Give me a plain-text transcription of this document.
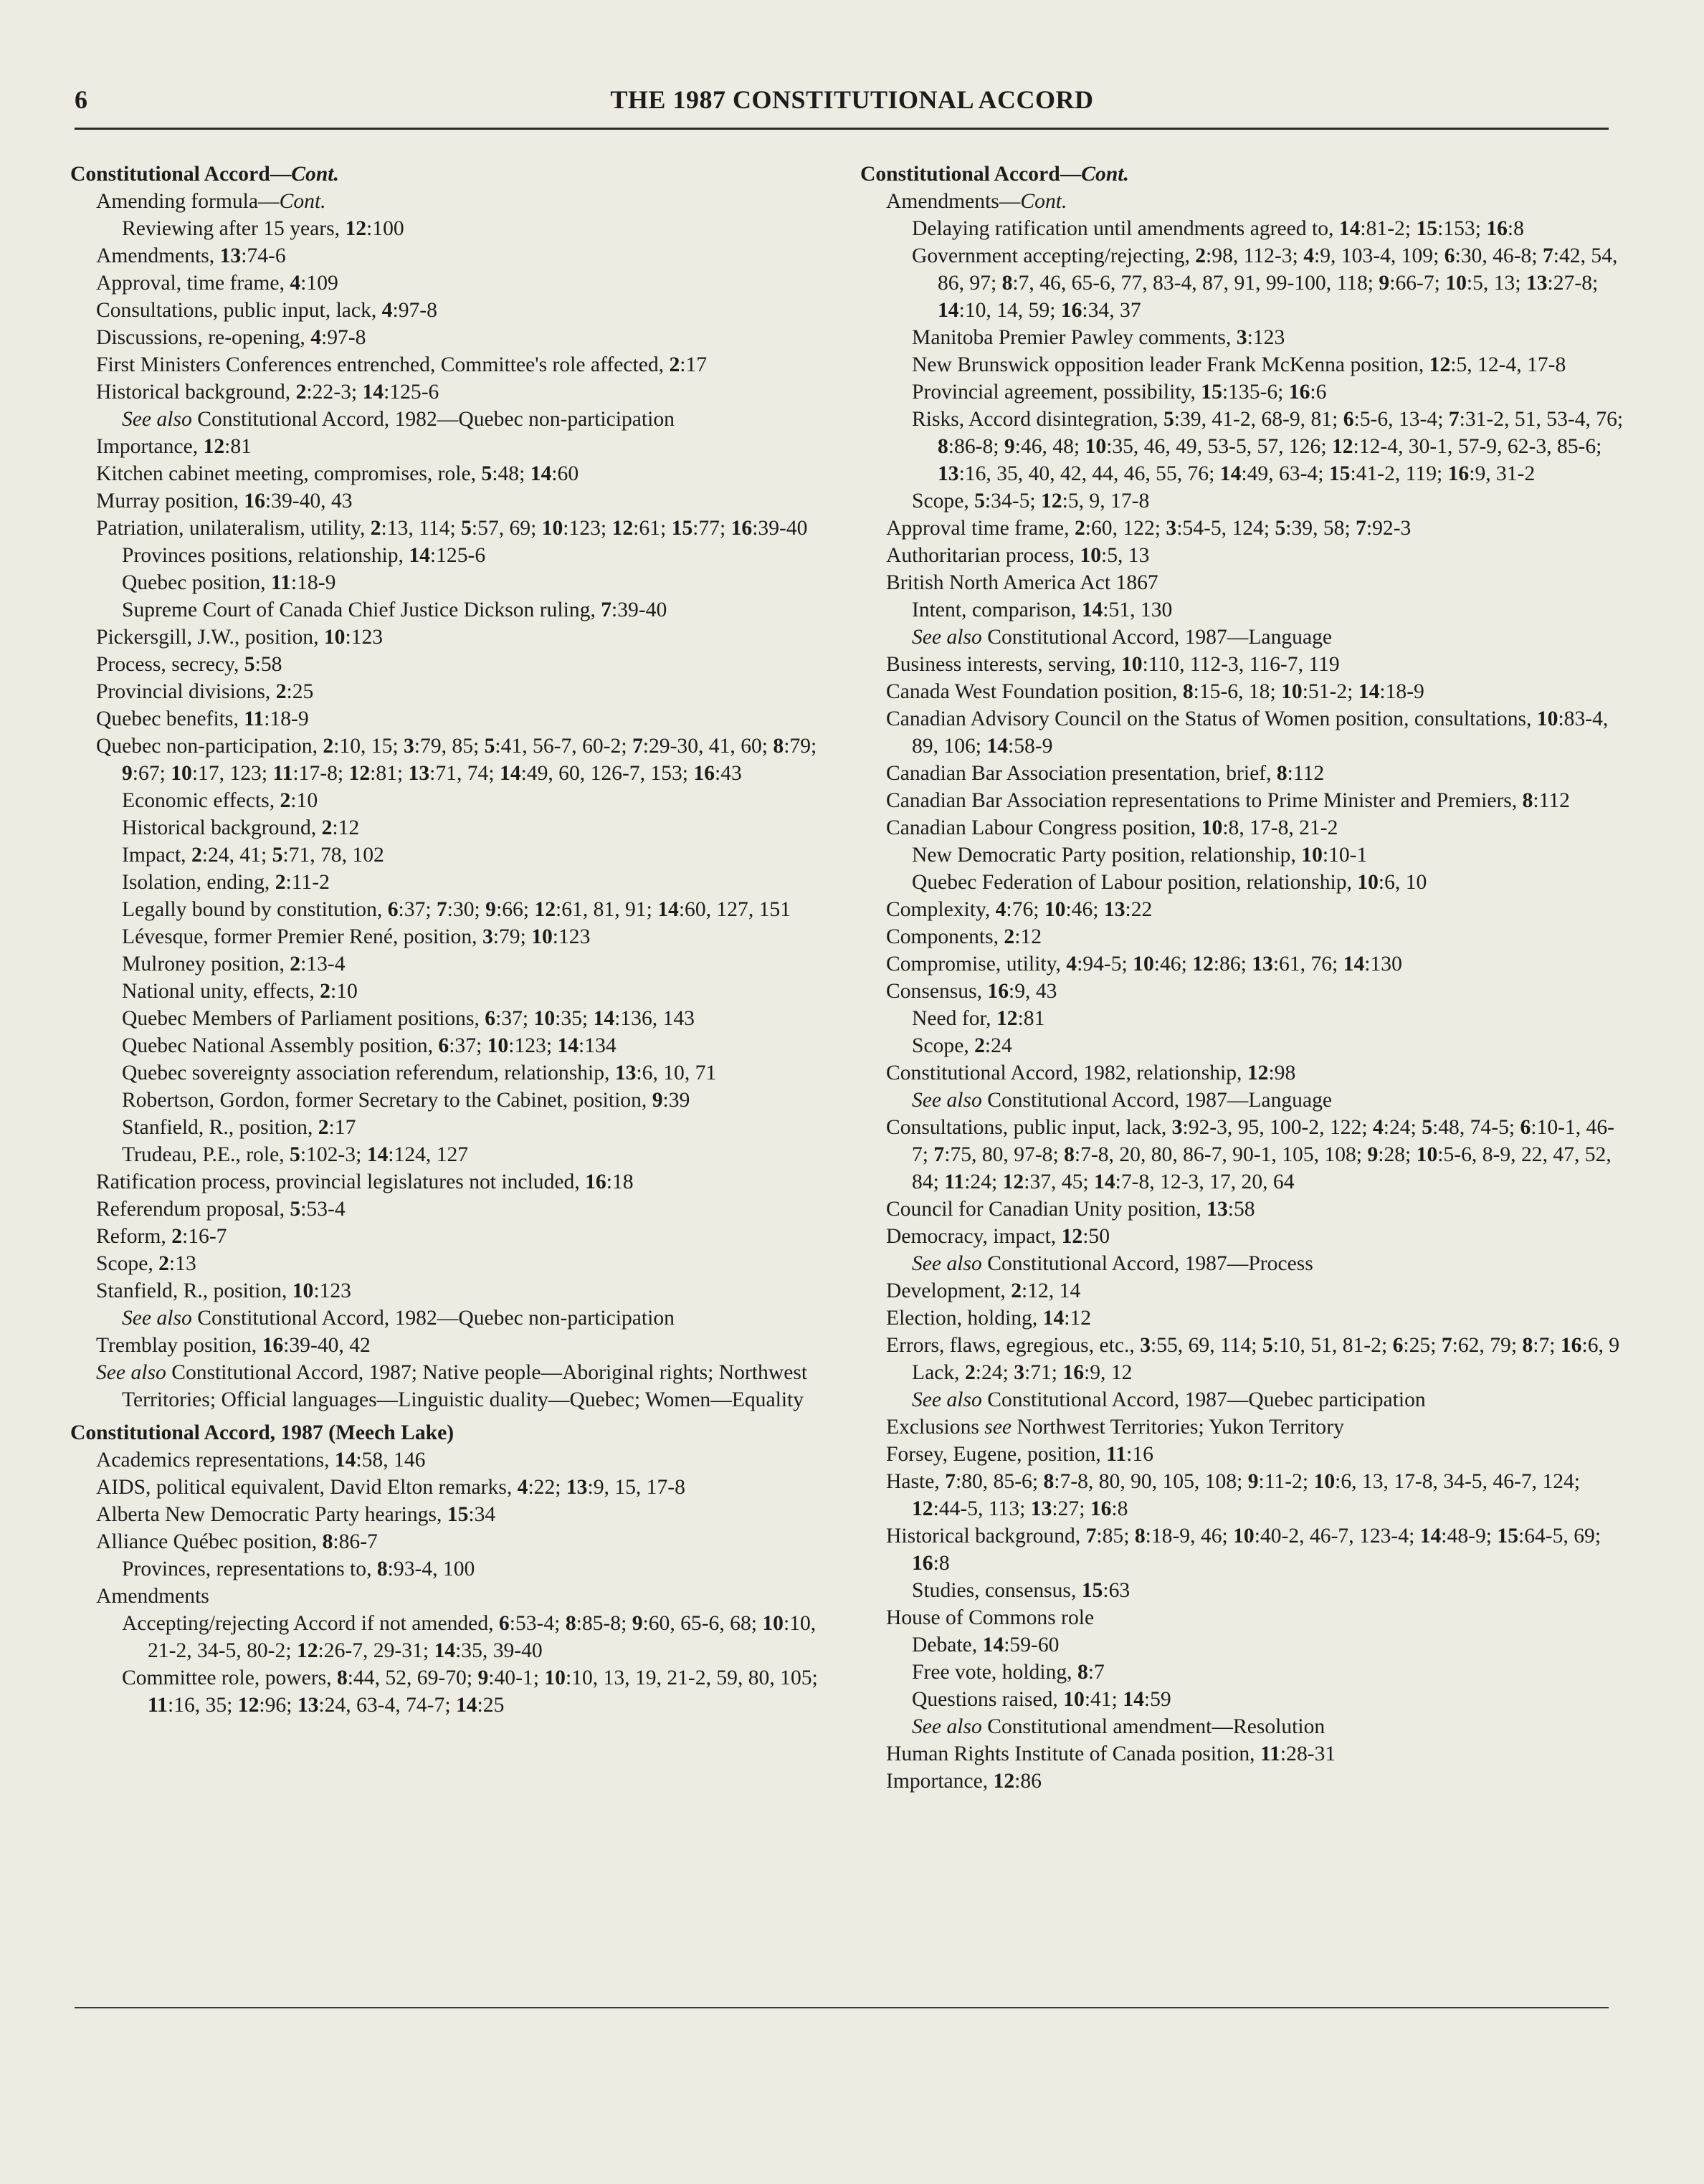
6	THE 1987 CONSTITUTIONAL ACCORD

Constitutional Accord—Cont.

Amending formula—Cont.

Reviewing after 15 years, 12:100

Amendments, 13:74-6

Approval, time frame, 4:109

Consultations, public input, lack, 4:97-8

Discussions, re-opening, 4:97-8

First Ministers Conferences entrenched, Committee's role affected, 2:17

Historical background, 2:22-3; 14:125-6

See also Constitutional Accord, 1982—Quebec non-participation

Importance, 12:81

Kitchen cabinet meeting, compromises, role, 5:48; 14:60

Murray position, 16:39-40, 43

Patriation, unilateralism, utility, 2:13, 114; 5:57, 69; 10:123; 12:61; 15:77; 16:39-40

Provinces positions, relationship, 14:125-6

Quebec position, 11:18-9

Supreme Court of Canada Chief Justice Dickson ruling, 7:39-40

Pickersgill, J.W., position, 10:123

Process, secrecy, 5:58

Provincial divisions, 2:25

Quebec benefits, 11:18-9

Quebec non-participation, 2:10, 15; 3:79, 85; 5:41, 56-7, 60-2; 7:29-30, 41, 60; 8:79; 9:67; 10:17, 123; 11:17-8; 12:81; 13:71, 74; 14:49, 60, 126-7, 153; 16:43

Economic effects, 2:10

Historical background, 2:12

Impact, 2:24, 41; 5:71, 78, 102

Isolation, ending, 2:11-2

Legally bound by constitution, 6:37; 7:30; 9:66; 12:61, 81, 91; 14:60, 127, 151

Lévesque, former Premier René, position, 3:79; 10:123

Mulroney position, 2:13-4

National unity, effects, 2:10

Quebec Members of Parliament positions, 6:37; 10:35; 14:136, 143

Quebec National Assembly position, 6:37; 10:123; 14:134

Quebec sovereignty association referendum, relationship, 13:6, 10, 71

Robertson, Gordon, former Secretary to the Cabinet, position, 9:39

Stanfield, R., position, 2:17

Trudeau, P.E., role, 5:102-3; 14:124, 127

Ratification process, provincial legislatures not included, 16:18

Referendum proposal, 5:53-4

Reform, 2:16-7

Scope, 2:13

Stanfield, R., position, 10:123

See also Constitutional Accord, 1982—Quebec non-participation

Tremblay position, 16:39-40, 42

See also Constitutional Accord, 1987; Native people—Aboriginal rights; Northwest Territories; Official languages—Linguistic duality—Quebec; Women—Equality

Constitutional Accord, 1987 (Meech Lake)

Academics representations, 14:58, 146

AIDS, political equivalent, David Elton remarks, 4:22; 13:9, 15, 17-8

Alberta New Democratic Party hearings, 15:34

Alliance Québec position, 8:86-7

Provinces, representations to, 8:93-4, 100

Amendments

Accepting/rejecting Accord if not amended, 6:53-4; 8:85-8; 9:60, 65-6, 68; 10:10, 21-2, 34-5, 80-2; 12:26-7, 29-31; 14:35, 39-40

Committee role, powers, 8:44, 52, 69-70; 9:40-1; 10:10, 13, 19, 21-2, 59, 80, 105; 11:16, 35; 12:96; 13:24, 63-4, 74-7; 14:25

Constitutional Accord—Cont.

Amendments—Cont.

Delaying ratification until amendments agreed to, 14:81-2; 15:153; 16:8

Government accepting/rejecting, 2:98, 112-3; 4:9, 103-4, 109; 6:30, 46-8; 7:42, 54, 86, 97; 8:7, 46, 65-6, 77, 83-4, 87, 91, 99-100, 118; 9:66-7; 10:5, 13; 13:27-8; 14:10, 14, 59; 16:34, 37

Manitoba Premier Pawley comments, 3:123

New Brunswick opposition leader Frank McKenna position, 12:5, 12-4, 17-8

Provincial agreement, possibility, 15:135-6; 16:6

Risks, Accord disintegration, 5:39, 41-2, 68-9, 81; 6:5-6, 13-4; 7:31-2, 51, 53-4, 76; 8:86-8; 9:46, 48; 10:35, 46, 49, 53-5, 57, 126; 12:12-4, 30-1, 57-9, 62-3, 85-6; 13:16, 35, 40, 42, 44, 46, 55, 76; 14:49, 63-4; 15:41-2, 119; 16:9, 31-2

Scope, 5:34-5; 12:5, 9, 17-8

Approval time frame, 2:60, 122; 3:54-5, 124; 5:39, 58; 7:92-3

Authoritarian process, 10:5, 13

British North America Act 1867

Intent, comparison, 14:51, 130

See also Constitutional Accord, 1987—Language

Business interests, serving, 10:110, 112-3, 116-7, 119

Canada West Foundation position, 8:15-6, 18; 10:51-2; 14:18-9

Canadian Advisory Council on the Status of Women position, consultations, 10:83-4, 89, 106; 14:58-9

Canadian Bar Association presentation, brief, 8:112

Canadian Bar Association representations to Prime Minister and Premiers, 8:112

Canadian Labour Congress position, 10:8, 17-8, 21-2

New Democratic Party position, relationship, 10:10-1

Quebec Federation of Labour position, relationship, 10:6, 10

Complexity, 4:76; 10:46; 13:22

Components, 2:12

Compromise, utility, 4:94-5; 10:46; 12:86; 13:61, 76; 14:130

Consensus, 16:9, 43

Need for, 12:81

Scope, 2:24

Constitutional Accord, 1982, relationship, 12:98

See also Constitutional Accord, 1987—Language

Consultations, public input, lack, 3:92-3, 95, 100-2, 122; 4:24; 5:48, 74-5; 6:10-1, 46-7; 7:75, 80, 97-8; 8:7-8, 20, 80, 86-7, 90-1, 105, 108; 9:28; 10:5-6, 8-9, 22, 47, 52, 84; 11:24; 12:37, 45; 14:7-8, 12-3, 17, 20, 64

Council for Canadian Unity position, 13:58

Democracy, impact, 12:50

See also Constitutional Accord, 1987—Process

Development, 2:12, 14

Election, holding, 14:12

Errors, flaws, egregious, etc., 3:55, 69, 114; 5:10, 51, 81-2; 6:25; 7:62, 79; 8:7; 16:6, 9

Lack, 2:24; 3:71; 16:9, 12

See also Constitutional Accord, 1987—Quebec participation

Exclusions see Northwest Territories; Yukon Territory

Forsey, Eugene, position, 11:16

Haste, 7:80, 85-6; 8:7-8, 80, 90, 105, 108; 9:11-2; 10:6, 13, 17-8, 34-5, 46-7, 124; 12:44-5, 113; 13:27; 16:8

Historical background, 7:85; 8:18-9, 46; 10:40-2, 46-7, 123-4; 14:48-9; 15:64-5, 69; 16:8

Studies, consensus, 15:63

House of Commons role

Debate, 14:59-60

Free vote, holding, 8:7

Questions raised, 10:41; 14:59

See also Constitutional amendment—Resolution

Human Rights Institute of Canada position, 11:28-31

Importance, 12:86
